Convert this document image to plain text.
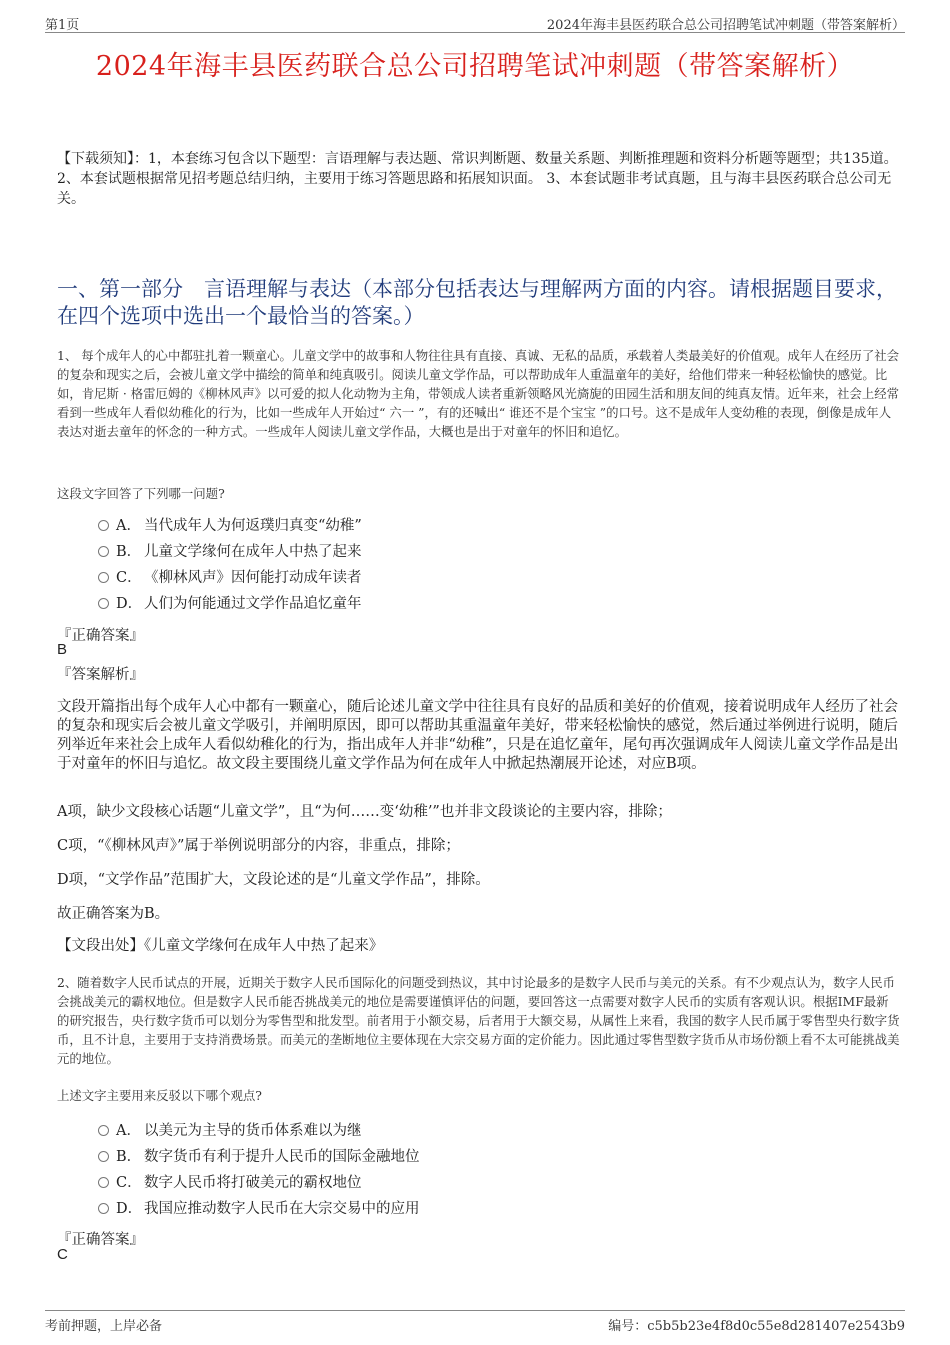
第1页	2024年海丰县医药联合总公司招聘笔试冲刺题（带答案解析）
2024年海丰县医药联合总公司招聘笔试冲刺题（带答案解析）
【下载须知】：1，本套练习包含以下题型：言语理解与表达题、常识判断题、数量关系题、判断推理题和资料分析题等题型；共135道。 2、本套试题根据常见招考题总结归纳，主要用于练习答题思路和拓展知识面。 3、本套试题非考试真题，且与海丰县医药联合总公司无关。
一、第一部分　言语理解与表达（本部分包括表达与理解两方面的内容。请根据题目要求，在四个选项中选出一个最恰当的答案。）
1、 每个成年人的心中都驻扎着一颗童心。儿童文学中的故事和人物往往具有直接、真诚、无私的品质，承载着人类最美好的价值观。成年人在经历了社会的复杂和现实之后，会被儿童文学中描绘的简单和纯真吸引。阅读儿童文学作品，可以帮助成年人重温童年的美好，给他们带来一种轻松愉快的感觉。比如，肯尼斯 · 格雷厄姆的《柳林风声》以可爱的拟人化动物为主角，带领成人读者重新领略风光旖旎的田园生活和朋友间的纯真友情。近年来，社会上经常看到一些成年人看似幼稚化的行为，比如一些成年人开始过“ 六一 ”，有的还喊出“ 谁还不是个宝宝 ”的口号。这不是成年人变幼稚的表现，倒像是成年人表达对逝去童年的怀念的一种方式。一些成年人阅读儿童文学作品，大概也是出于对童年的怀旧和追忆。
这段文字回答了下列哪一问题?
A． 当代成年人为何返璞归真变“幼稚”
B． 儿童文学缘何在成年人中热了起来
C． 《柳林风声》因何能打动成年读者
D． 人们为何能通过文学作品追忆童年
『正确答案』
B
『答案解析』
文段开篇指出每个成年人心中都有一颗童心，随后论述儿童文学中往往具有良好的品质和美好的价值观，接着说明成年人经历了社会的复杂和现实后会被儿童文学吸引，并阐明原因，即可以帮助其重温童年美好，带来轻松愉快的感觉，然后通过举例进行说明，随后列举近年来社会上成年人看似幼稚化的行为，指出成年人并非“幼稚”，只是在追忆童年，尾句再次强调成年人阅读儿童文学作品是出于对童年的怀旧与追忆。故文段主要围绕儿童文学作品为何在成年人中掀起热潮展开论述，对应B项。
A项，缺少文段核心话题“儿童文学”，且“为何……变‘幼稚’”也并非文段谈论的主要内容，排除；
C项，“《柳林风声》”属于举例说明部分的内容，非重点，排除；
D项，“文学作品”范围扩大，文段论述的是“儿童文学作品”，排除。
故正确答案为B。
【文段出处】《儿童文学缘何在成年人中热了起来》
2、随着数字人民币试点的开展，近期关于数字人民币国际化的问题受到热议，其中讨论最多的是数字人民币与美元的关系。有不少观点认为，数字人民币会挑战美元的霸权地位。但是数字人民币能否挑战美元的地位是需要谨慎评估的问题，要回答这一点需要对数字人民币的实质有客观认识。根据IMF最新的研究报告，央行数字货币可以划分为零售型和批发型。前者用于小额交易，后者用于大额交易，从属性上来看，我国的数字人民币属于零售型央行数字货币，且不计息，主要用于支持消费场景。而美元的垄断地位主要体现在大宗交易方面的定价能力。因此通过零售型数字货币从市场份额上看不太可能挑战美元的地位。
上述文字主要用来反驳以下哪个观点?
A． 以美元为主导的货币体系难以为继
B． 数字货币有利于提升人民币的国际金融地位
C． 数字人民币将打破美元的霸权地位
D． 我国应推动数字人民币在大宗交易中的应用
『正确答案』
C
考前押题，上岸必备	编号：c5b5b23e4f8d0c55e8d281407e2543b9
